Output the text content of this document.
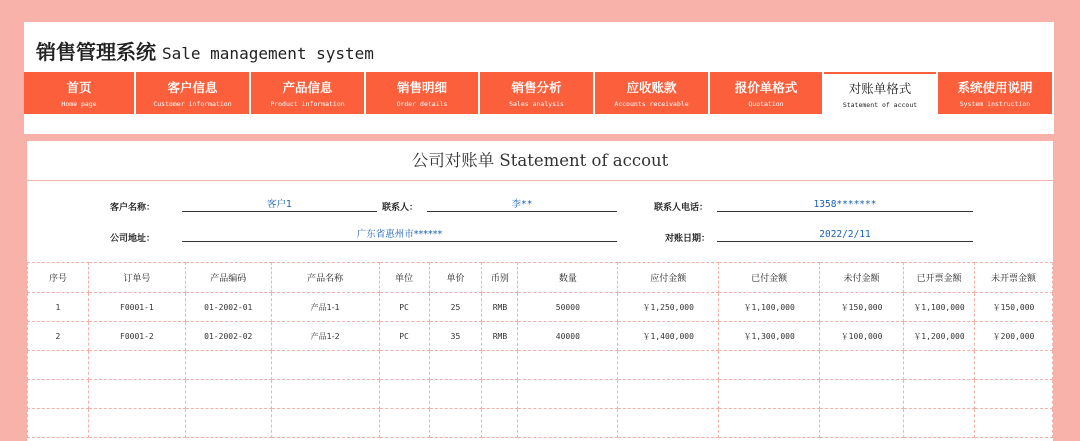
销售管理系统 Sale management system
首页
Home page
客户信息
Customer information
产品信息
Product information
销售明细
Order details
销售分析
Sales analysis
应收账款
Accounts receivable
报价单格式
Quotation
对账单格式
Statement of accout
系统使用说明
System instruction
公司对账单 Statement of accout
客户名称：	客户1	联系人：	李**	联系人电话：	1358*******
公司地址：	广东省惠州市******	对账日期：	2022/2/11
序号	订单号	产品编码	产品名称	单位	单价	币别	数量	应付金额	已付金额	未付金额	已开票金额	未开票金额
1	F0001-1	01-2002-01	产品1-1	PC	25	RMB	50000	￥1,250,000	￥1,100,000	￥150,000	￥1,100,000	￥150,000
2	F0001-2	01-2002-02	产品1-2	PC	35	RMB	40000	￥1,400,000	￥1,300,000	￥100,000	￥1,200,000	￥200,000
